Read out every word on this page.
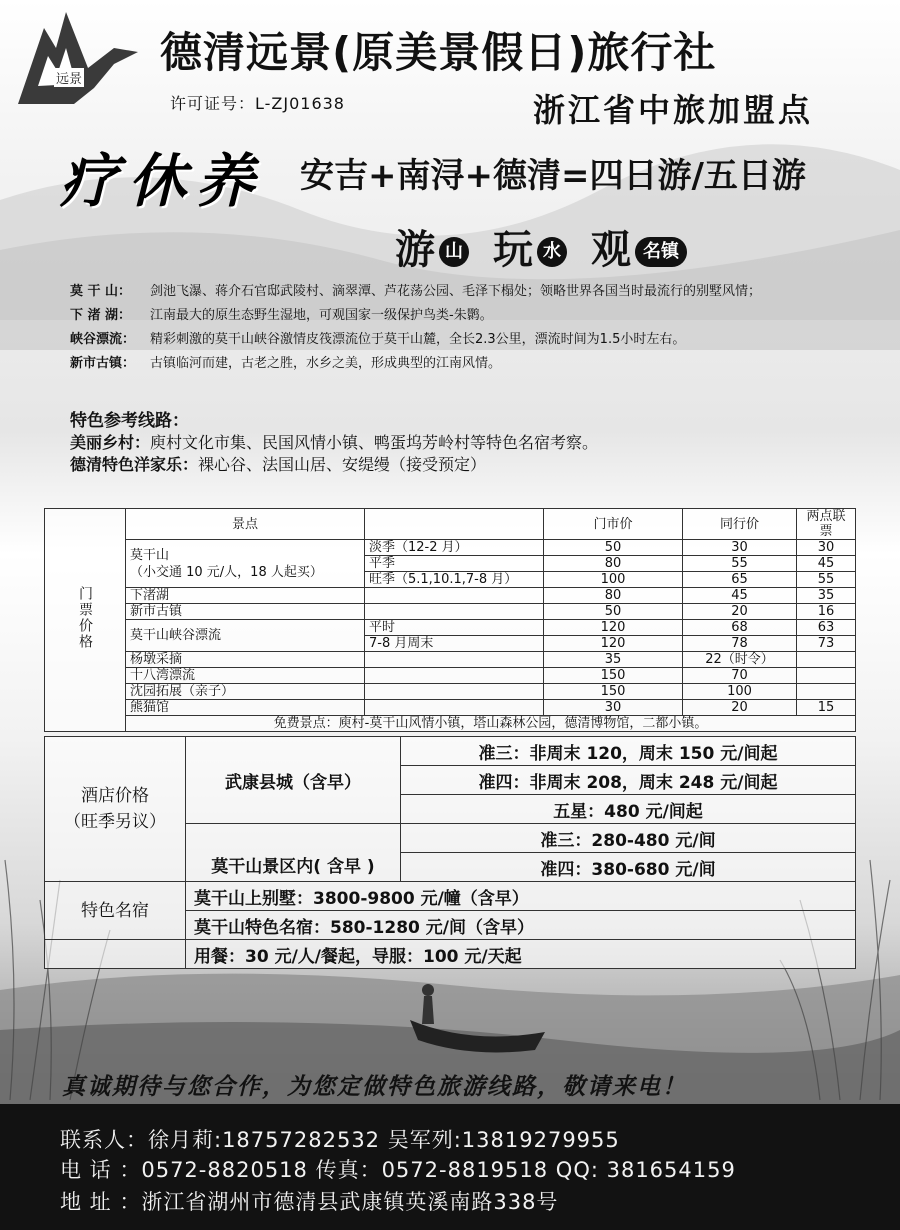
远景
德清远景(原美景假日)旅行社
许可证号：L-ZJ01638	浙江省中旅加盟点
疗休养 安吉+南浔+德清=四日游/五日游
游 山 玩 水 观 名镇
莫 干 山：	剑池飞瀑、蒋介石官邸武陵村、滴翠潭、芦花荡公园、毛泽下榻处；领略世界各国当时最流行的别墅风情；
下 渚 湖：	江南最大的原生态野生湿地，可观国家一级保护鸟类-朱鹮。
峡谷漂流：	精彩刺激的莫干山峡谷激情皮筏漂流位于莫干山麓，全长2.3公里，漂流时间为1.5小时左右。
新市古镇：	古镇临河而建，古老之胜，水乡之美，形成典型的江南风情。
特色参考线路：
美丽乡村：庾村文化市集、民国风情小镇、鸭蛋坞芳岭村等特色名宿考察。
德清特色洋家乐：裸心谷、法国山居、安缇缦（接受预定）
门票价格	景点		门市价	同行价	两点联票

	莫干山
（小交通 10 元/人，18 人起买）	淡季（12-2 月）	50	30	30
		平季	80	55	45
		旺季（5.1,10.1,7-8 月）	100	65	55
	下渚湖		80	45	35
	新市古镇		50	20	16
	莫干山峡谷漂流	平时	120	68	63
		7-8 月周末	120	78	73
	杨墩采摘		35	22（时令）	
	十八湾漂流		150	70	
	沈园拓展（亲子）		150	100	
	熊猫馆		30	20	15
	免费景点：庾村-莫干山风情小镇，塔山森林公园，德清博物馆，二都小镇。				
酒店价格
（旺季另议）	武康县城（含早）	准三：非周末 120，周末 150 元/间起
		准四：非周末 208，周末 248 元/间起
		五星：480 元/间起
	莫干山景区内( 含早 )	准三：280-480 元/间
		准四：380-680 元/间
特色名宿	莫干山上别墅：3800-9800 元/幢（含早）	
	莫干山特色名宿：580-1280 元/间（含早）	
	用餐：30 元/人/餐起，导服：100 元/天起	
真诚期待与您合作，为您定做特色旅游线路，敬请来电！
联系人：徐月莉:18757282532 吴军列:13819279955
电 话 ：0572-8820518 传真：0572-8819518 QQ: 381654159
地 址 ：浙江省湖州市德清县武康镇英溪南路338号
